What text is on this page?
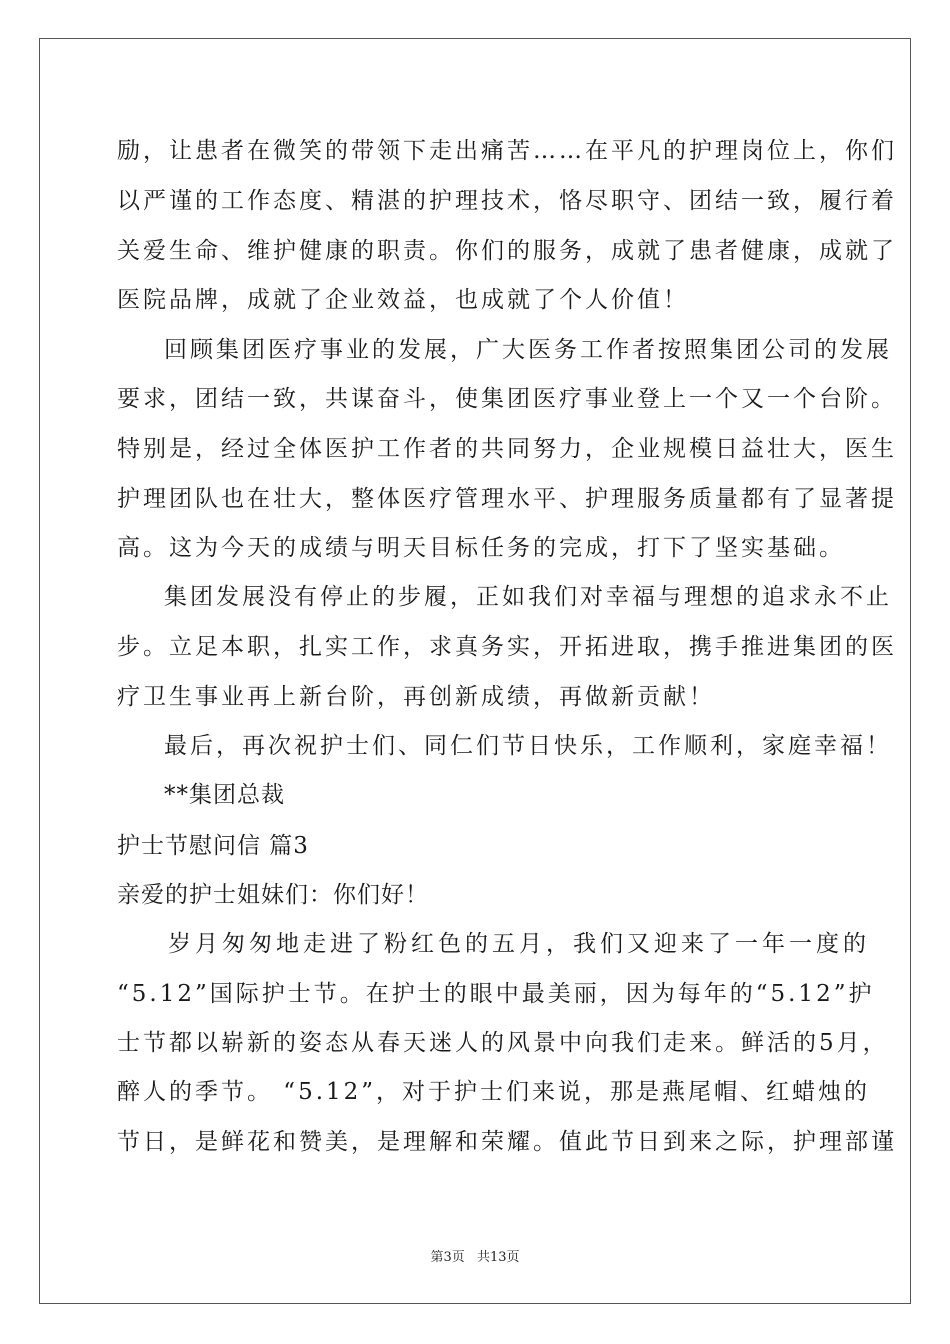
励，让患者在微笑的带领下走出痛苦……在平凡的护理岗位上，你们

以严谨的工作态度、精湛的护理技术，恪尽职守、团结一致，履行着

关爱生命、维护健康的职责。你们的服务，成就了患者健康，成就了

医院品牌，成就了企业效益，也成就了个人价值！

回顾集团医疗事业的发展，广大医务工作者按照集团公司的发展

要求，团结一致，共谋奋斗，使集团医疗事业登上一个又一个台阶。

特别是，经过全体医护工作者的共同努力，企业规模日益壮大，医生

护理团队也在壮大，整体医疗管理水平、护理服务质量都有了显著提

高。这为今天的成绩与明天目标任务的完成，打下了坚实基础。

集团发展没有停止的步履，正如我们对幸福与理想的追求永不止

步。立足本职，扎实工作，求真务实，开拓进取，携手推进集团的医

疗卫生事业再上新台阶，再创新成绩，再做新贡献！

最后，再次祝护士们、同仁们节日快乐，工作顺利，家庭幸福！

**集团总裁

护士节慰问信 篇3

亲爱的护士姐妹们：你们好！

岁月匆匆地走进了粉红色的五月，我们又迎来了一年一度的

“5.12”国际护士节。在护士的眼中最美丽，因为每年的“5.12”护

士节都以崭新的姿态从春天迷人的风景中向我们走来。鲜活的5月，

醉人的季节。 “5.12”，对于护士们来说，那是燕尾帽、红蜡烛的

节日，是鲜花和赞美，是理解和荣耀。值此节日到来之际，护理部谨

第3页 共13页
